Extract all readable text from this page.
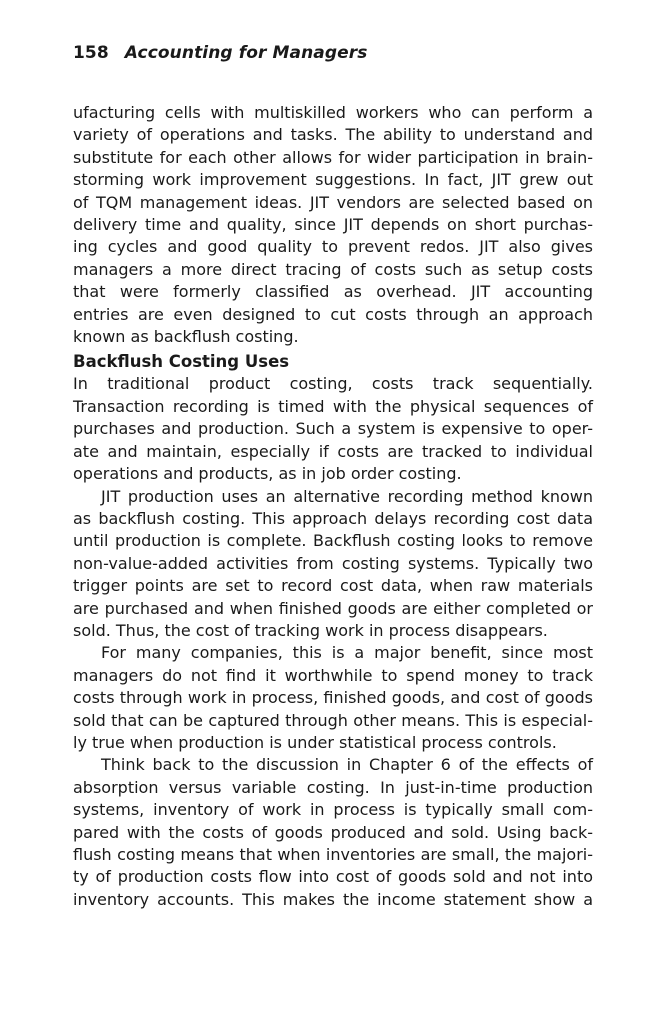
158 Accounting for Managers
ufacturing cells with multiskilled workers who can perform a
variety of operations and tasks. The ability to understand and
substitute for each other allows for wider participation in brain-
storming work improvement suggestions. In fact, JIT grew out
of TQM management ideas. JIT vendors are selected based on
delivery time and quality, since JIT depends on short purchas-
ing cycles and good quality to prevent redos. JIT also gives
managers a more direct tracing of costs such as setup costs
that were formerly classified as overhead. JIT accounting
entries are even designed to cut costs through an approach
known as backflush costing.
Backflush Costing Uses
In traditional product costing, costs track sequentially.
Transaction recording is timed with the physical sequences of
purchases and production. Such a system is expensive to oper-
ate and maintain, especially if costs are tracked to individual
operations and products, as in job order costing.
JIT production uses an alternative recording method known
as backflush costing. This approach delays recording cost data
until production is complete. Backflush costing looks to remove
non-value-added activities from costing systems. Typically two
trigger points are set to record cost data, when raw materials
are purchased and when finished goods are either completed or
sold. Thus, the cost of tracking work in process disappears.
For many companies, this is a major benefit, since most
managers do not find it worthwhile to spend money to track
costs through work in process, finished goods, and cost of goods
sold that can be captured through other means. This is especial-
ly true when production is under statistical process controls.
Think back to the discussion in Chapter 6 of the effects of
absorption versus variable costing. In just-in-time production
systems, inventory of work in process is typically small com-
pared with the costs of goods produced and sold. Using back-
flush costing means that when inventories are small, the majori-
ty of production costs flow into cost of goods sold and not into
inventory accounts. This makes the income statement show a
